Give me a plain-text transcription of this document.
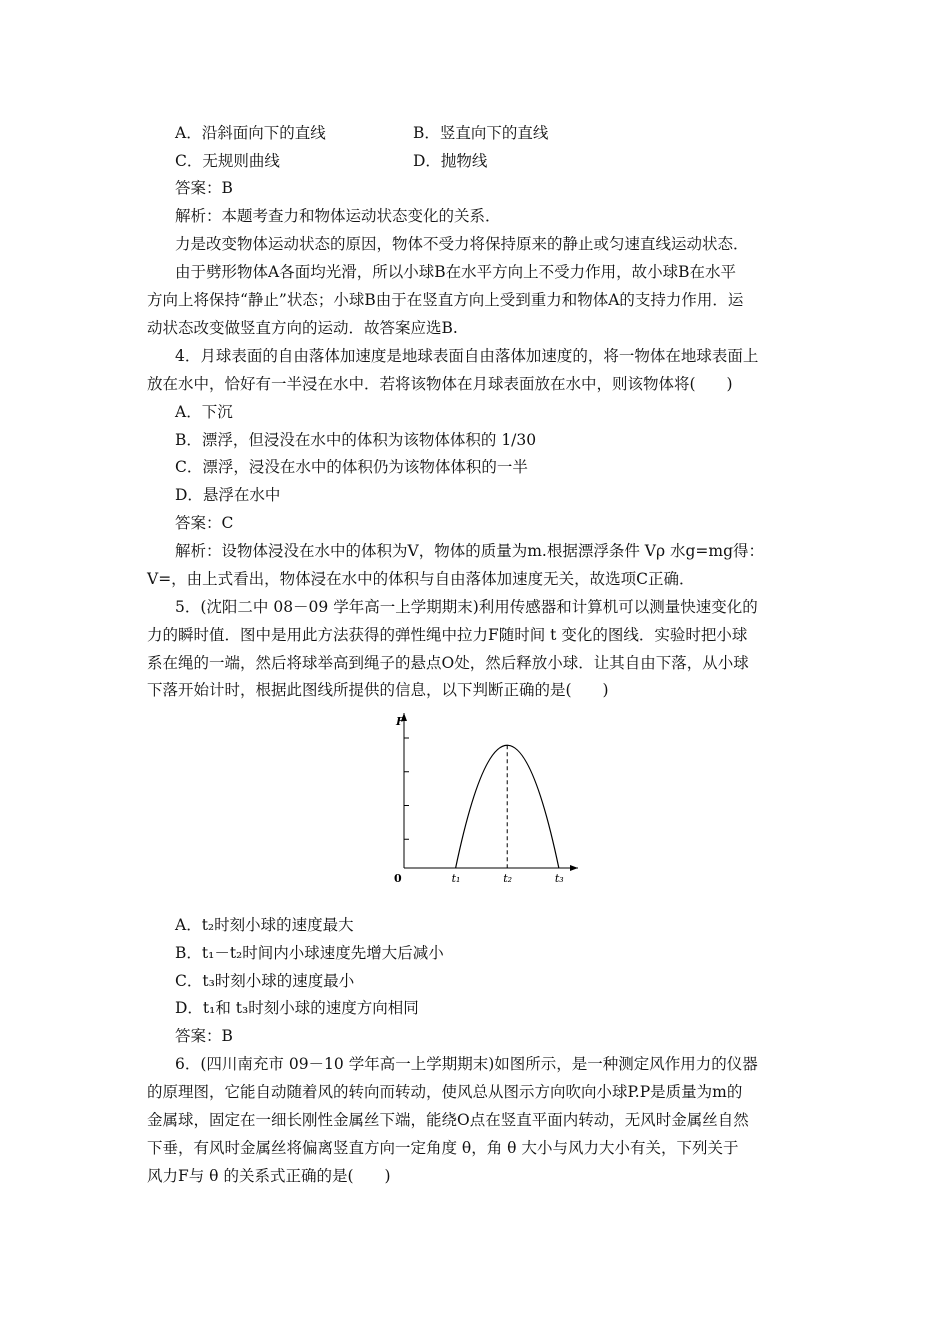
A．沿斜面向下的直线	B．竖直向下的直线
C．无规则曲线	D．抛物线
答案：B
解析：本题考查力和物体运动状态变化的关系．
力是改变物体运动状态的原因，物体不受力将保持原来的静止或匀速直线运动状态．
由于劈形物体A各面均光滑，所以小球B在水平方向上不受力作用，故小球B在水平
方向上将保持“静止”状态；小球B由于在竖直方向上受到重力和物体A的支持力作用．运
动状态改变做竖直方向的运动．故答案应选B.
4．月球表面的自由落体加速度是地球表面自由落体加速度的，将一物体在地球表面上
放在水中，恰好有一半浸在水中．若将该物体在月球表面放在水中，则该物体将(　　)
A．下沉
B．漂浮，但浸没在水中的体积为该物体体积的 1/30
C．漂浮，浸没在水中的体积仍为该物体体积的一半
D．悬浮在水中
答案：C
解析：设物体浸没在水中的体积为V，物体的质量为m.根据漂浮条件 Vρ 水g=mg得：
V=，由上式看出，物体浸在水中的体积与自由落体加速度无关，故选项C正确．
5．(沈阳二中 08－09 学年高一上学期期末)利用传感器和计算机可以测量快速变化的
力的瞬时值．图中是用此方法获得的弹性绳中拉力F随时间 t 变化的图线．实验时把小球
系在绳的一端，然后将球举高到绳子的悬点O处，然后释放小球．让其自由下落，从小球
下落开始计时，根据此图线所提供的信息，以下判断正确的是(　　)
F
0	t₁	t₂	t₃
A．t₂时刻小球的速度最大
B．t₁－t₂时间内小球速度先增大后减小
C．t₃时刻小球的速度最小
D．t₁和 t₃时刻小球的速度方向相同
答案：B
6．(四川南充市 09－10 学年高一上学期期末)如图所示，是一种测定风作用力的仪器
的原理图，它能自动随着风的转向而转动，使风总从图示方向吹向小球P.P是质量为m的
金属球，固定在一细长刚性金属丝下端，能绕O点在竖直平面内转动，无风时金属丝自然
下垂，有风时金属丝将偏离竖直方向一定角度 θ，角 θ 大小与风力大小有关，下列关于
风力F与 θ 的关系式正确的是(　　)
